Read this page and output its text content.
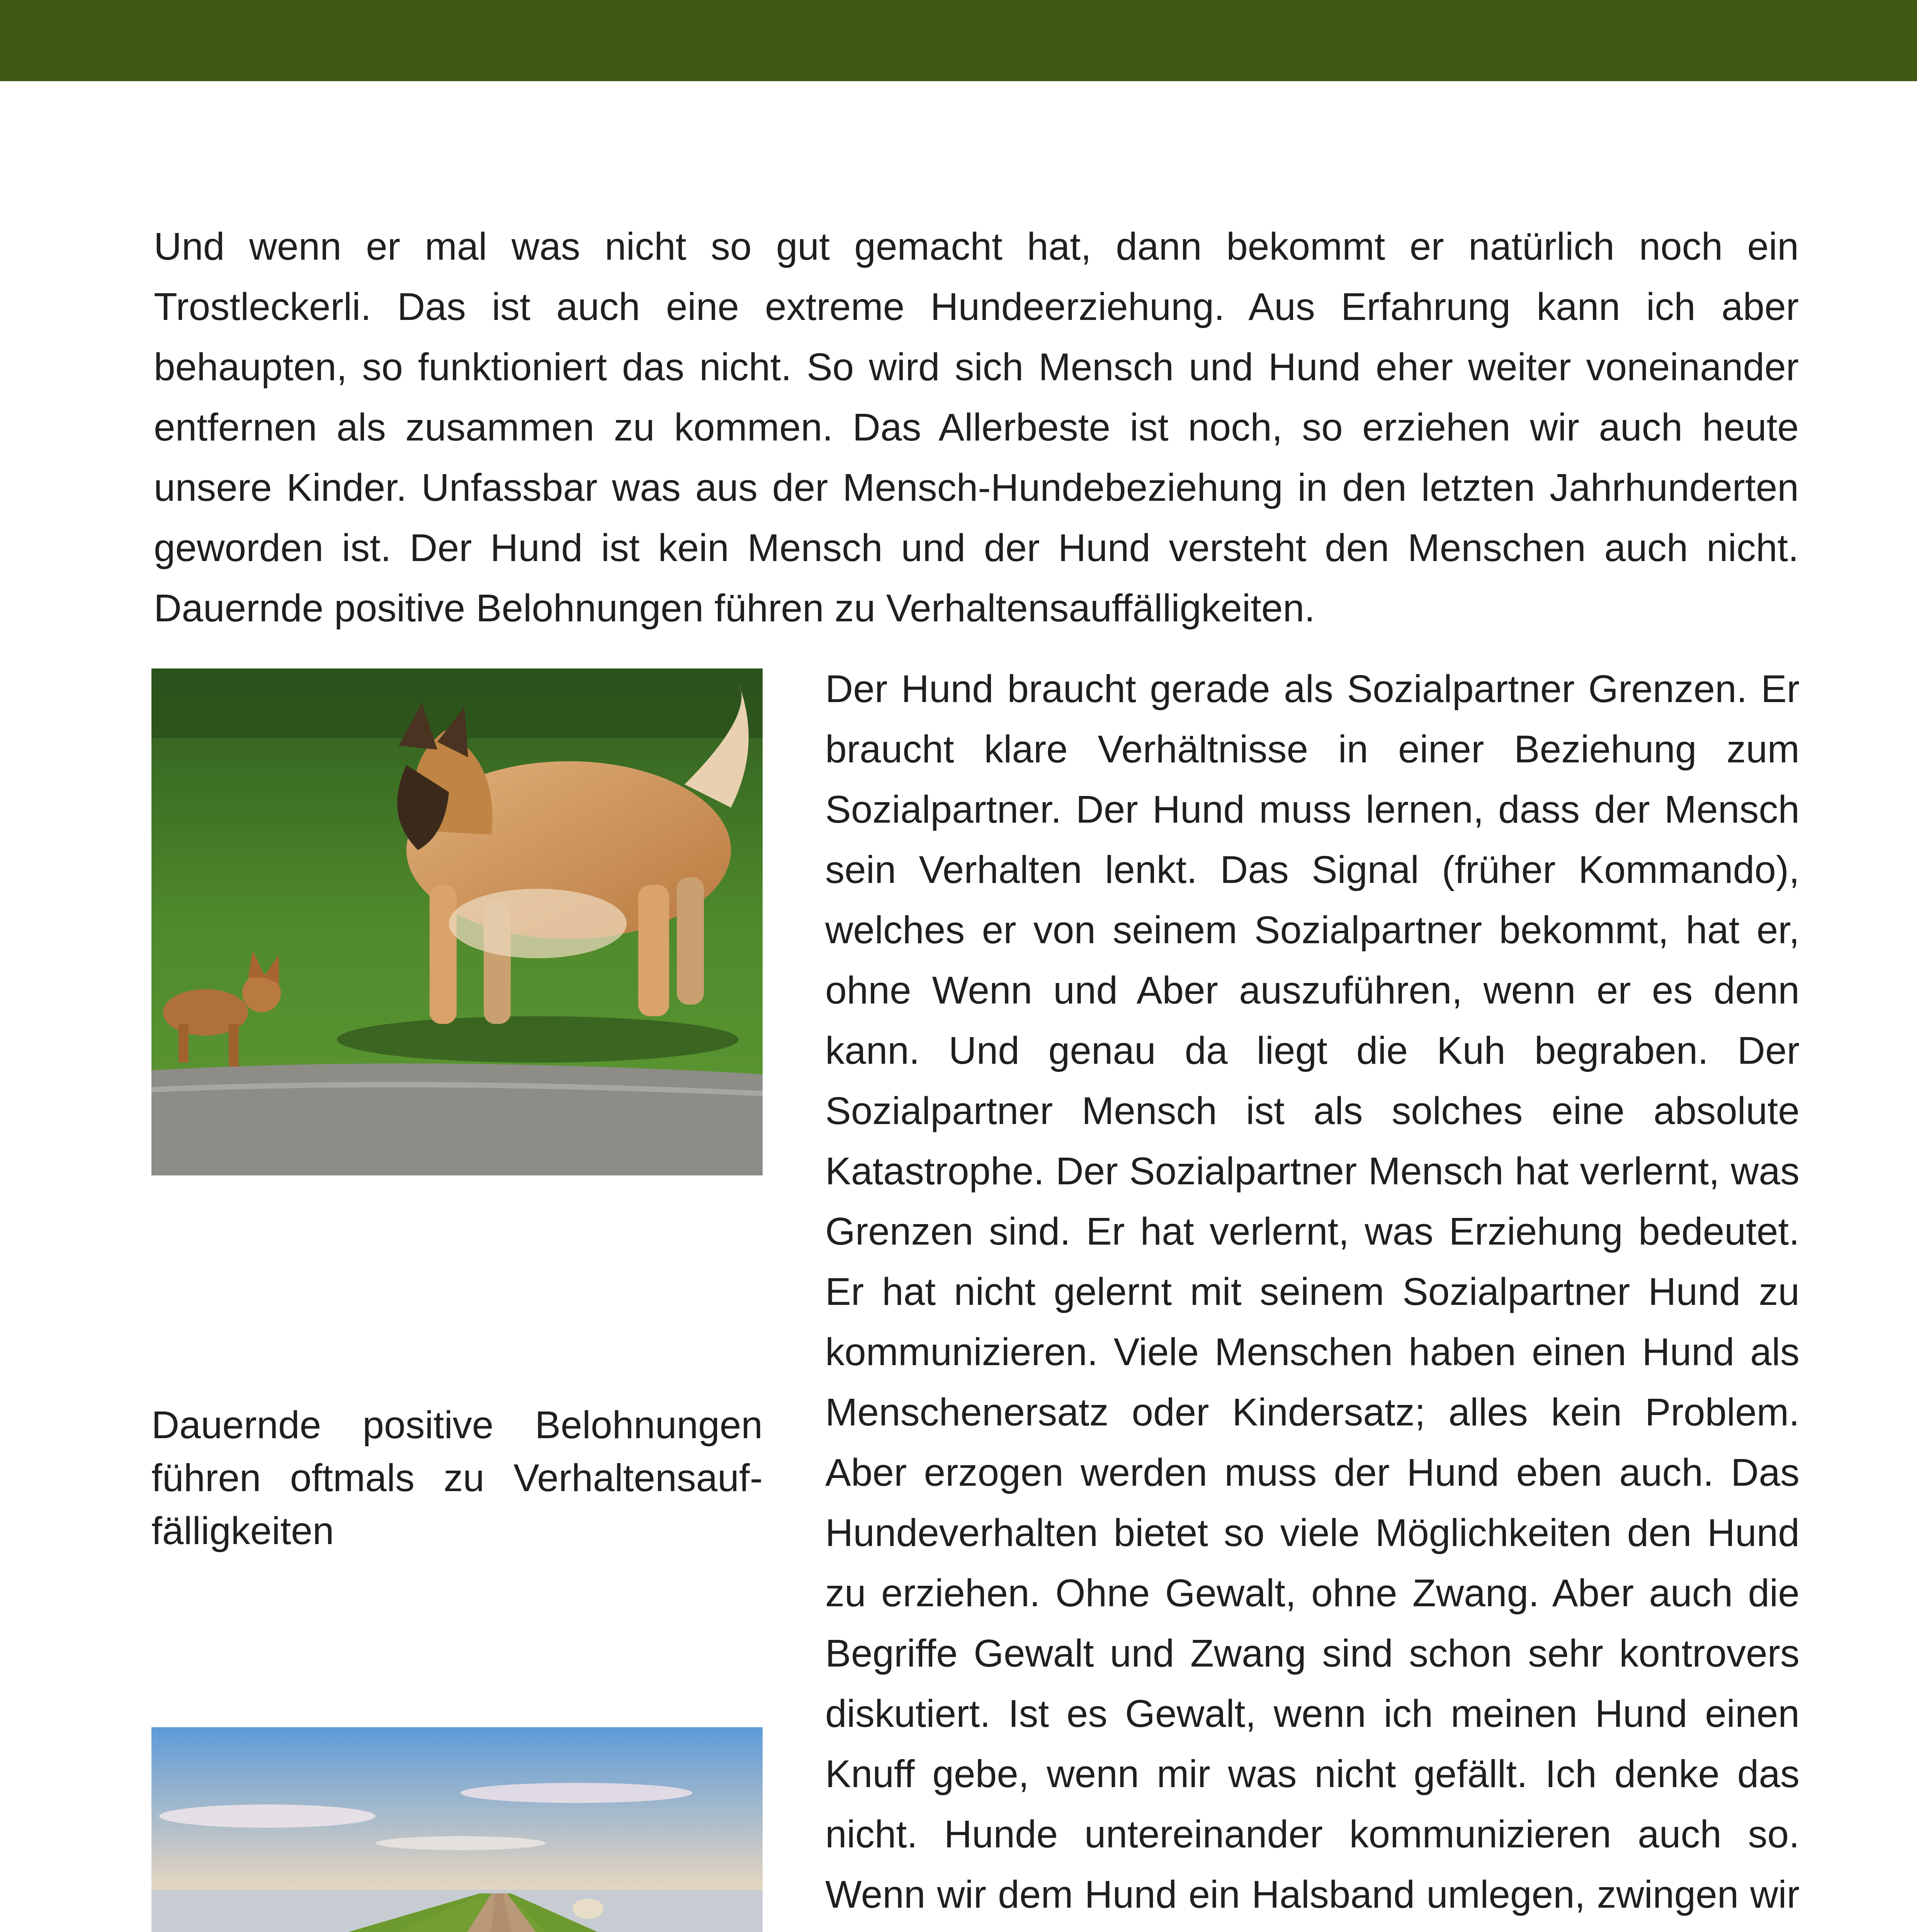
Und wenn er mal was nicht so gut gemacht hat, dann bekommt er natürlich noch ein Trostleckerli. Das ist auch eine extreme Hundeerziehung. Aus Erfahrung kann ich aber behaupten, so funktioniert das nicht. So wird sich Mensch und Hund eher weiter voneinander entfernen als zusammen zu kommen. Das Allerbeste ist noch, so erziehen wir auch heute unsere Kinder. Unfassbar was aus der Mensch-Hundebeziehung in den letzten Jahrhunderten geworden ist. Der Hund ist kein Mensch und der Hund versteht den Menschen auch nicht. Dauernde positive Belohnungen führen zu Verhaltensauffälligkeiten.

Dauernde positive Belohnungen führen oftmals zu Verhaltensauf-fälligkeiten

Der Hund braucht gerade als Sozialpartner Grenzen. Er braucht klare Verhältnisse in einer Beziehung zum Sozialpartner. Der Hund muss lernen, dass der Mensch sein Verhalten lenkt. Das Signal (früher Kommando), welches er von seinem Sozialpartner bekommt, hat er, ohne Wenn und Aber auszuführen, wenn er es denn kann. Und genau da liegt die Kuh begraben. Der Sozialpartner Mensch ist als solches eine absolute Katastrophe. Der Sozialpartner Mensch hat verlernt, was Grenzen sind. Er hat verlernt, was Erziehung bedeutet. Er hat nicht gelernt mit seinem Sozialpartner Hund zu kommunizieren. Viele Menschen haben einen Hund als Menschenersatz oder Kindersatz; alles kein Problem. Aber erzogen werden muss der Hund eben auch. Das Hundeverhalten bietet so viele Möglichkeiten den Hund zu erziehen. Ohne Gewalt, ohne Zwang. Aber auch die Begriffe Gewalt und Zwang sind schon sehr kontrovers diskutiert. Ist es Gewalt, wenn ich meinen Hund einen Knuff gebe, wenn mir was nicht gefällt. Ich denke das nicht. Hunde untereinander kommunizieren auch so. Wenn wir dem Hund ein Halsband umlegen, zwingen wir
